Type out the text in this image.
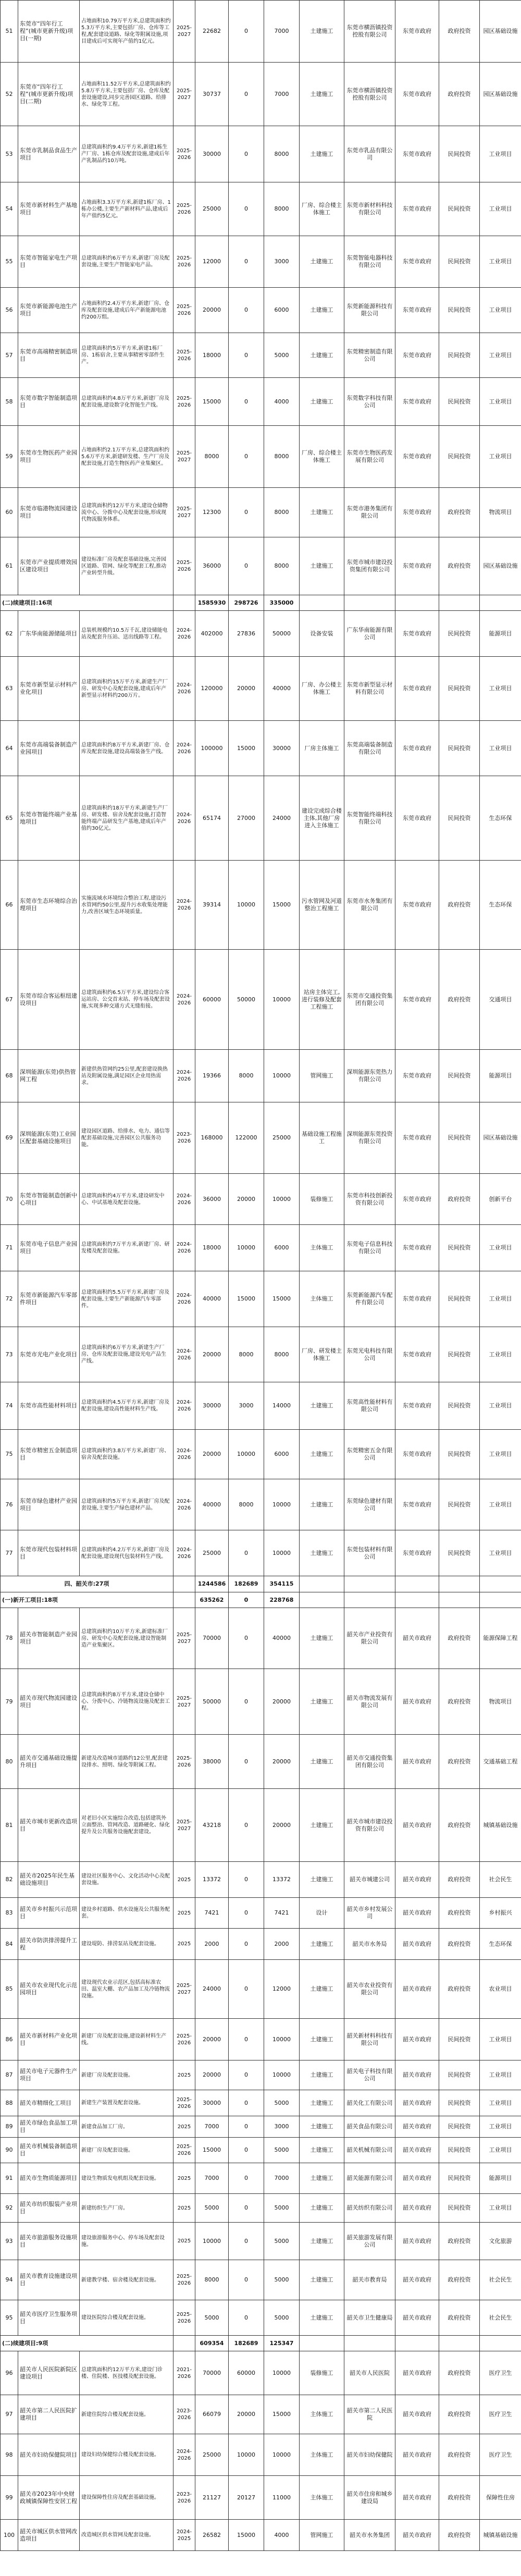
51	东莞市“四年行工程”(城市更新升级)项目(一期)	占地面积10.79万平方米,总建筑面积约5.3万平方米,主要包括厂房、仓库等工程,配套建设道路、绿化等附属设施,项目建成后可实现年产值约1亿元。	2025-2027	22682	0	7000	土建施工	东莞市横沥镇投资控股有限公司	东莞市政府	政府投资	园区基础设施
52	东莞市“四年行工程”(城市更新升级)项目(二期)	占地面积11.52万平方米,总建筑面积约5.8万平方米,主要包括厂房、仓库及配套设施建设,同步完善园区道路、给排水、绿化等工程。	2025-2027	30737	0	7000	土建施工	东莞市横沥镇投资控股有限公司	东莞市政府	政府投资	园区基础设施
53	东莞市乳制品食品生产项目	总建筑面积约9.4万平方米,新建1栋生产厂房、1栋仓库及配套设施,建成后年产乳制品约10万吨。	2025-2026	30000	0	8000	土建施工	东莞市乳品有限公司	东莞市政府	民间投资	工业项目
54	东莞市新材料生产基地项目	占地面积3.3万平方米,新建1栋厂房、1栋办公楼,主要生产新材料产品,建成后年产值约5亿元。	2025-2026	25000	0	8000	厂房、综合楼主体施工	东莞市新材料科技有限公司	东莞市政府	民间投资	工业项目
55	东莞市智能家电生产项目	总建筑面积约6万平方米,新建厂房及配套设施,主要生产智能家电产品。	2025-2026	12000	0	3000	土建施工	东莞智能电器科技有限公司	东莞市政府	民间投资	工业项目
56	东莞市新能源电池生产项目	占地面积约2.4万平方米,新建厂房、仓库及配套设施,建成后年产新能源电池约200万组。	2025-2026	20000	0	6000	土建施工	东莞新能源科技有限公司	东莞市政府	民间投资	工业项目
57	东莞市高端精密制造项目	总建筑面积约5万平方米,新建1栋厂房、1栋宿舍,主要从事精密零部件生产。	2025-2026	18000	0	5000	土建施工	东莞精密制造有限公司	东莞市政府	民间投资	工业项目
58	东莞市数字智能制造项目	总建筑面积约4.8万平方米,新建厂房及配套设施,建设数字化智能生产线。	2025-2026	15000	0	4000	土建施工	东莞数字科技有限公司	东莞市政府	民间投资	工业项目
59	东莞市生物医药产业园项目	占地面积约2.1万平方米,总建筑面积约5.6万平方米,新建研发楼、生产厂房及配套设施,打造生物医药产业集聚区。	2025-2027	8000	0	8000	厂房、综合楼主体施工	东莞市生物医药发展有限公司	东莞市政府	民间投资	工业项目
60	东莞市临港物流园建设项目	总建筑面积约12万平方米,建设仓储物流中心、分拨中心及配套设施,形成现代物流服务体系。	2025-2027	12300	0	8000	土建施工	东莞市港务集团有限公司	东莞市政府	政府投资	物流项目
61	东莞市产业提质增效园区建设项目	建设标准厂房及配套基础设施,完善园区道路、管网、绿化等配套工程,推动产业转型升级。	2025-2026	36000	0	8000	土建施工	东莞市城市建设投资集团有限公司	东莞市政府	政府投资	园区基础设施
(二)续建项目:16项				1585930	298726	335000					
62	广东华南能源储能项目	总装机规模约10.5万千瓦,建设储能电站及配套升压站、送出线路等工程。	2024-2026	402000	27836	50000	设备安装	广东华南能源有限公司	东莞市政府	民间投资	能源项目
63	东莞市新型显示材料产业化项目	总建筑面积约15万平方米,新建生产厂房、研发中心及配套设施,建成后年产新型显示材料约200万片。	2024-2026	120000	20000	40000	厂房、办公楼主体施工	东莞市新型显示材料有限公司	东莞市政府	民间投资	工业项目
64	东莞市高端装备制造产业园项目	总建筑面积约8万平方米,新建厂房、仓库及配套设施,建设高端装备生产线。	2024-2026	100000	15000	30000	厂房主体施工	东莞高端装备制造有限公司	东莞市政府	民间投资	工业项目
65	东莞市智能终端产业基地项目	总建筑面积约18万平方米,新建生产厂房、研发楼、宿舍及配套设施,打造智能终端产品研发生产基地,建成后年产值约30亿元。	2024-2026	65174	27000	24000	建设完成综合楼主体,其他厂房进入主体施工	东莞智能终端科技有限公司	东莞市政府	民间投资	生态环保
66	东莞市生态环境综合治理项目	实施流域水环境综合整治工程,建设污水管网约50公里,提升污水收集处理能力,改善区域生态环境质量。	2024-2026	39314	10000	15000	污水管网及河道整治工程施工	东莞市水务集团有限公司	东莞市政府	政府投资	生态环保
67	东莞市综合客运枢纽建设项目	总建筑面积约6.5万平方米,建设综合客运站房、公交首末站、停车场及配套设施,实现多种交通方式无缝衔接。	2024-2026	60000	50000	10000	站房主体完工,进行装修及配套工程施工	东莞市交通投资集团有限公司	东莞市政府	政府投资	交通项目
68	深圳能源(东莞)供热管网工程	新建供热管网约25公里,配套建设换热站及附属设施,满足园区企业用热需求。	2024-2026	19366	8000	10000	管网施工	深圳能源东莞热力有限公司	东莞市政府	民间投资	能源项目
69	深圳能源(东莞)工业园区配套基础设施项目	建设园区道路、给排水、电力、通信等配套基础设施,完善园区公共服务功能。	2023-2026	168000	122000	25000	基础设施工程施工	深圳能源东莞投资有限公司	东莞市政府	民间投资	园区基础设施
70	东莞市智能制造创新中心项目	总建筑面积约4万平方米,建设研发中心、中试基地及配套设施。	2024-2026	36000	20000	10000	装修施工	东莞市科技创新投资有限公司	东莞市政府	政府投资	创新平台
71	东莞市电子信息产业园项目	总建筑面积约7万平方米,新建厂房、研发楼及配套设施。	2024-2026	18000	10000	6000	主体施工	东莞电子信息科技有限公司	东莞市政府	民间投资	工业项目
72	东莞市新能源汽车零部件项目	总建筑面积约5.5万平方米,新建厂房及配套设施,主要生产新能源汽车零部件。	2024-2026	40000	15000	15000	主体施工	东莞新能源汽车配件有限公司	东莞市政府	民间投资	工业项目
73	东莞市光电产业化项目	总建筑面积约6万平方米,新建生产厂房、仓库及配套设施,建设光电产品生产线。	2024-2026	20000	8000	8000	厂房、研发楼主体施工	东莞光电科技有限公司	东莞市政府	民间投资	工业项目
74	东莞市高性能材料项目	总建筑面积约4.5万平方米,新建厂房及配套设施,建设高性能材料生产线。	2024-2026	30000	3000	14000	土建施工	东莞高性能材料有限公司	东莞市政府	民间投资	工业项目
75	东莞市精密五金制造项目	总建筑面积约3.8万平方米,新建厂房、宿舍及配套设施。	2024-2026	20000	10000	6000	土建施工	东莞精密五金有限公司	东莞市政府	民间投资	工业项目
76	东莞市绿色建材产业园项目	总建筑面积约5万平方米,新建厂房及配套设施,主要生产绿色建材产品。	2024-2026	40000	8000	10000	土建施工	东莞绿色建材有限公司	东莞市政府	民间投资	工业项目
77	东莞市现代包装材料项目	总建筑面积约4.2万平方米,新建厂房及配套设施,建设现代包装材料生产线。	2024-2026	25000	0	10000	土建施工	东莞包装材料有限公司	东莞市政府	民间投资	工业项目
四、韶关市:27项				1244586	182689	354115					
(一)新开工项目:18项				635262	0	228768					
78	韶关市智能制造产业园项目	总建筑面积约10万平方米,新建标准厂房、研发中心及配套设施,建设智能制造产业集聚区。	2025-2027	70000	0	40000	土建施工	韶关市产业投资有限公司	韶关市政府	政府投资	能源保障工程
79	韶关市现代物流园建设项目	总建筑面积约8万平方米,建设仓储中心、分拨中心、冷链物流设施及配套工程。	2025-2027	50000	0	20000	土建施工	韶关市物流发展有限公司	韶关市政府	政府投资	物流项目
80	韶关市交通基础设施提升项目	新建及改造城市道路约12公里,配套建设排水、照明、绿化等附属工程。	2025-2026	38000	0	20000	土建施工	韶关市交通投资集团有限公司	韶关市政府	政府投资	交通基础工程
81	韶关市城市更新改造项目	对老旧小区实施综合改造,包括建筑外立面整治、管网改造、道路硬化、绿化提升及公共服务设施配套建设。	2025-2027	43218	0	20000	土建施工	韶关市城市建设投资有限公司	韶关市政府	政府投资	城镇基础设施
82	韶关市2025年民生基础设施项目	建设社区服务中心、文化活动中心及配套设施。	2025	13372	0	13372	土建施工	韶关市城建公司	韶关市政府	政府投资	社会民生
83	韶关市乡村振兴示范项目	建设乡村道路、供水设施及公共服务配套。	2025	7421	0	7421	设计	韶关市乡村发展公司	韶关市政府	政府投资	乡村振兴
84	韶关市防洪排涝提升工程	建设堤防、排涝泵站及配套设施。	2025	2000	0	2000	土建施工	韶关市水务局	韶关市政府	政府投资	生态环保
85	韶关市农业现代化示范园项目	建设现代农业示范区,包括高标准农田、温室大棚、农产品加工及冷链物流设施。	2025-2027	24000	0	12000	土建施工	韶关市农业投资有限公司	韶关市政府	政府投资	农业项目
86	韶关市新材料产业化项目	新建厂房及配套设施,建设新材料生产线。	2025-2026	20000	0	10000	土建施工	韶关新材料科技有限公司	韶关市政府	民间投资	工业项目
87	韶关市电子元器件生产项目	新建厂房及配套设施。	2025	20000	0	10000	土建施工	韶关电子科技有限公司	韶关市政府	民间投资	工业项目
88	韶关市精细化工项目	新建生产装置及配套设施。	2025-2026	30000	0	5000	土建施工	韶关化工有限公司	韶关市政府	民间投资	工业项目
89	韶关市绿色食品加工项目	新建食品加工厂房。	2025	7000	0	3000	土建施工	韶关食品有限公司	韶关市政府	民间投资	工业项目
90	韶关市机械装备制造项目	新建厂房及配套设施。	2025-2026	15000	0	5000	土建施工	韶关机械有限公司	韶关市政府	民间投资	工业项目
91	韶关市生物质能源项目	建设生物质发电机组及配套设施。	2025	7000	0	7000	土建施工	韶关能源有限公司	韶关市政府	民间投资	能源项目
92	韶关市纺织服装产业项目	新建纺织生产厂房。	2025	5000	0	5000	土建施工	韶关纺织有限公司	韶关市政府	民间投资	工业项目
93	韶关市旅游服务设施项目	建设旅游服务中心、停车场及配套设施。	2025	10000	0	5000	土建施工	韶关旅游发展有限公司	韶关市政府	政府投资	文化旅游
94	韶关市教育设施建设项目	新建教学楼、宿舍楼及配套设施。	2025-2026	8000	0	5000	土建施工	韶关市教育局	韶关市政府	政府投资	社会民生
95	韶关市医疗卫生服务项目	建设医院综合楼及配套设施。	2025-2026	5000	0	5000	土建施工	韶关市卫生健康局	韶关市政府	政府投资	社会民生
(二)续建项目:9项				609354	182689	125347					
96	韶关市人民医院新院区建设项目	总建筑面积约12万平方米,建设门诊楼、住院楼、医技楼及配套设施。	2021-2026	70000	60000	10000	装修施工	韶关市人民医院	韶关市政府	政府投资	医疗卫生
97	韶关市第二人民医院扩建项目	新建住院综合楼及配套设施。	2023-2026	66079	20000	15000	主体施工	韶关市第二人民医院	韶关市政府	政府投资	医疗卫生
98	韶关市妇幼保健院项目	建设妇幼保健综合楼及配套设施。	2024-2026	25000	10000	10000	主体施工	韶关市妇幼保健院	韶关市政府	政府投资	医疗卫生
99	韶关市2023年中央财政城镇保障性安居工程	建设保障性住房及配套基础设施。	2023-2026	21127	20127	11000	主体施工	韶关市住房和城乡建设局	韶关市政府	政府投资	保障性住房
100	韶关市城区供水管网改造项目	改造城区供水管网及配套设施。	2024-2025	26582	15000	4000	管网施工	韶关市水务集团	韶关市政府	政府投资	城镇基础设施
